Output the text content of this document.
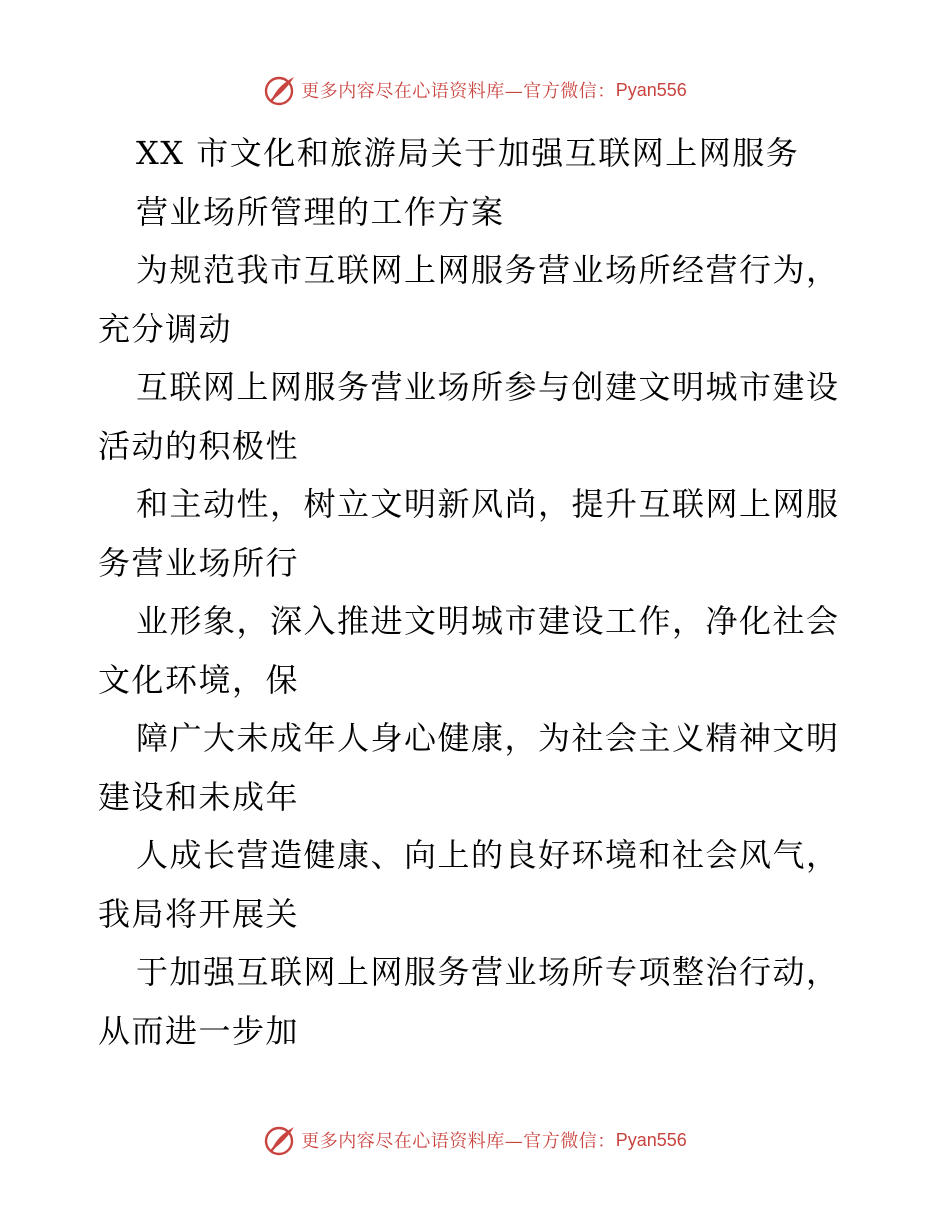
更多内容尽在心语资料库—官方微信： Pyan556
XX 市文化和旅游局关于加强互联网上网服务
营业场所管理的工作方案
为规范我市互联网上网服务营业场所经营行为，
充分调动
互联网上网服务营业场所参与创建文明城市建设
活动的积极性
和主动性，树立文明新风尚，提升互联网上网服
务营业场所行
业形象，深入推进文明城市建设工作，净化社会
文化环境，保
障广大未成年人身心健康，为社会主义精神文明
建设和未成年
人成长营造健康、向上的良好环境和社会风气，
我局将开展关
于加强互联网上网服务营业场所专项整治行动，
从而进一步加
更多内容尽在心语资料库—官方微信： Pyan556
